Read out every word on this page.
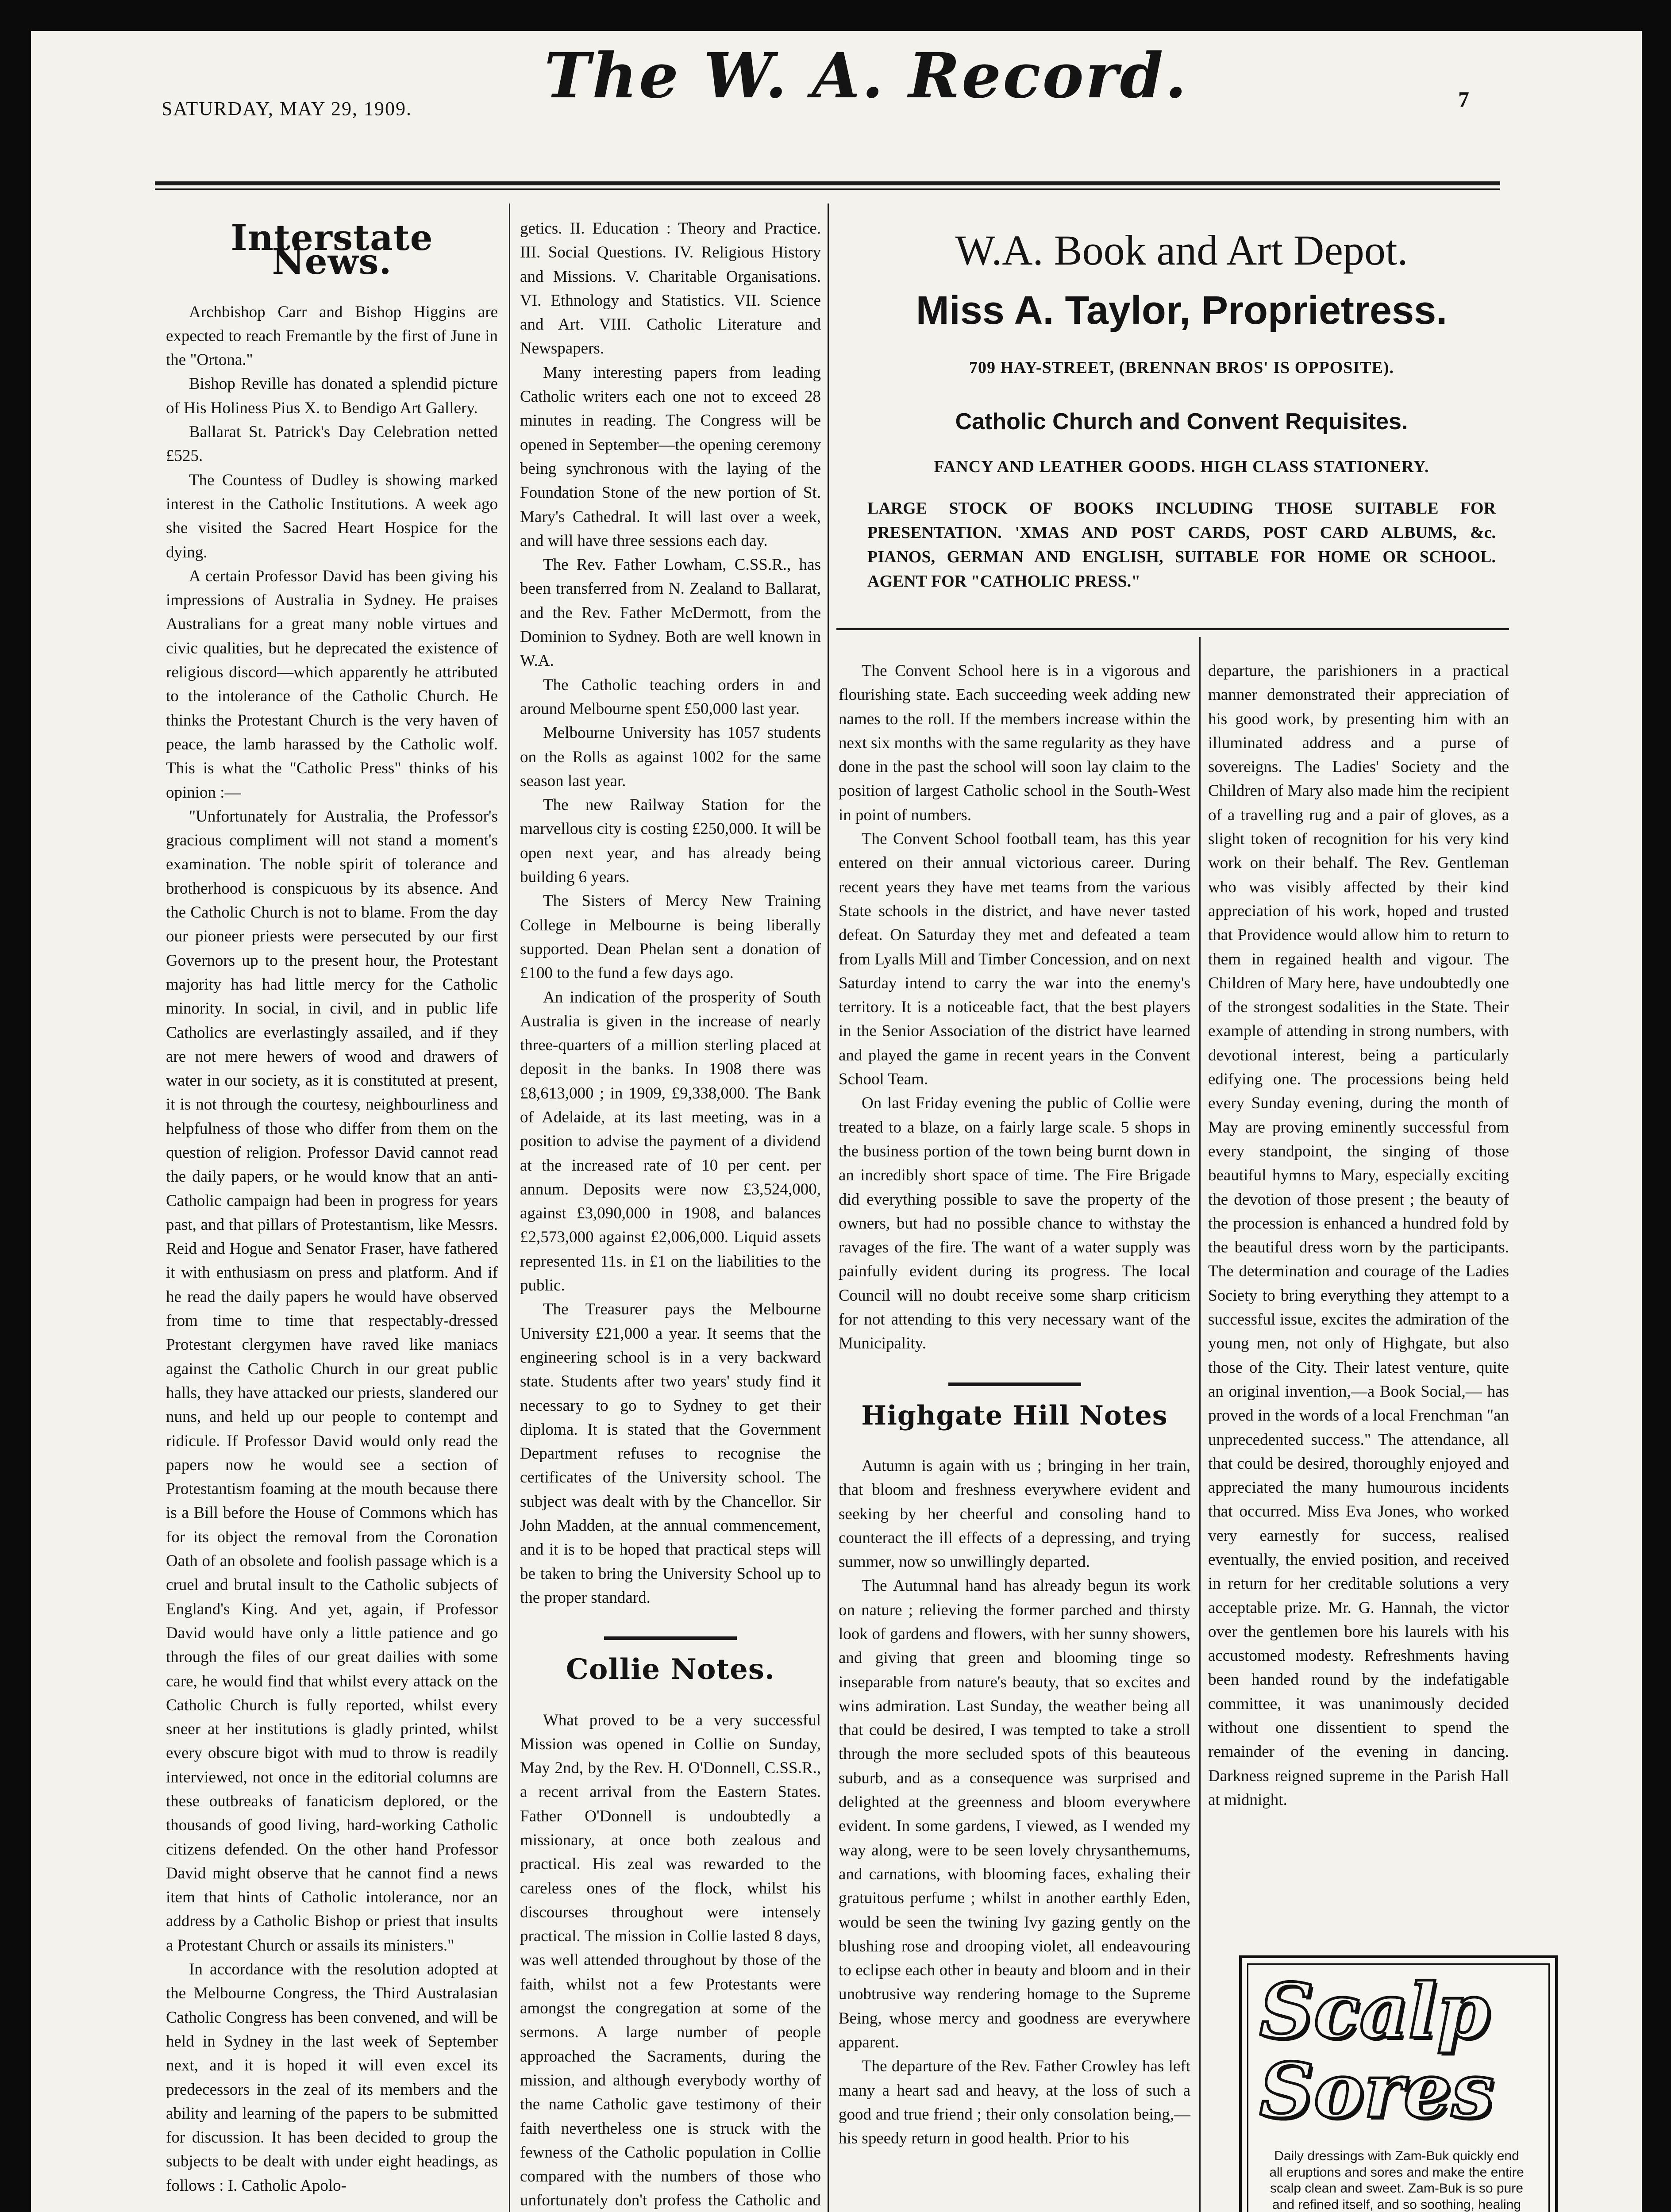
SATURDAY, MAY 29, 1909. The W. A. Record.	7
Interstate News.

Archbishop Carr and Bishop Higgins are expected to reach Fremantle by the first of June in the "Ortona."

Bishop Reville has donated a splendid picture of His Holiness Pius X. to Bendigo Art Gallery.

Ballarat St. Patrick's Day Celebration netted £525.

The Countess of Dudley is showing marked interest in the Catholic Institutions. A week ago she visited the Sacred Heart Hospice for the dying.

A certain Professor David has been giving his impressions of Australia in Sydney. He praises Australians for a great many noble virtues and civic qualities, but he deprecated the existence of religious discord—which apparently he attributed to the intolerance of the Catholic Church. He thinks the Protestant Church is the very haven of peace, the lamb harassed by the Catholic wolf. This is what the "Catholic Press" thinks of his opinion :—

"Unfortunately for Australia, the Professor's gracious compliment will not stand a moment's examination. The noble spirit of tolerance and brotherhood is conspicuous by its absence. And the Catholic Church is not to blame. From the day our pioneer priests were persecuted by our first Governors up to the present hour, the Protestant majority has had little mercy for the Catholic minority. In social, in civil, and in public life Catholics are everlastingly assailed, and if they are not mere hewers of wood and drawers of water in our society, as it is constituted at present, it is not through the courtesy, neighbourliness and helpfulness of those who differ from them on the question of religion. Professor David cannot read the daily papers, or he would know that an anti-Catholic campaign had been in progress for years past, and that pillars of Protestantism, like Messrs. Reid and Hogue and Senator Fraser, have fathered it with enthusiasm on press and platform. And if he read the daily papers he would have observed from time to time that respectably-dressed Protestant clergymen have raved like maniacs against the Catholic Church in our great public halls, they have attacked our priests, slandered our nuns, and held up our people to contempt and ridicule. If Professor David would only read the papers now he would see a section of Protestantism foaming at the mouth because there is a Bill before the House of Commons which has for its object the removal from the Coronation Oath of an obsolete and foolish passage which is a cruel and brutal insult to the Catholic subjects of England's King. And yet, again, if Professor David would have only a little patience and go through the files of our great dailies with some care, he would find that whilst every attack on the Catholic Church is fully reported, whilst every sneer at her institutions is gladly printed, whilst every obscure bigot with mud to throw is readily interviewed, not once in the editorial columns are these outbreaks of fanaticism deplored, or the thousands of good living, hard-working Catholic citizens defended. On the other hand Professor David might observe that he cannot find a news item that hints of Catholic intolerance, nor an address by a Catholic Bishop or priest that insults a Protestant Church or assails its ministers."

In accordance with the resolution adopted at the Melbourne Congress, the Third Australasian Catholic Congress has been convened, and will be held in Sydney in the last week of September next, and it is hoped it will even excel its predecessors in the zeal of its members and the ability and learning of the papers to be submitted for discussion. It has been decided to group the subjects to be dealt with under eight headings, as follows : I. Catholic Apolo-

getics. II. Education : Theory and Practice. III. Social Questions. IV. Religious History and Missions. V. Charitable Organisations. VI. Ethnology and Statistics. VII. Science and Art. VIII. Catholic Literature and Newspapers.

Many interesting papers from leading Catholic writers each one not to exceed 28 minutes in reading. The Congress will be opened in September—the opening ceremony being synchronous with the laying of the Foundation Stone of the new portion of St. Mary's Cathedral. It will last over a week, and will have three sessions each day.

The Rev. Father Lowham, C.SS.R., has been transferred from N. Zealand to Ballarat, and the Rev. Father McDermott, from the Dominion to Sydney. Both are well known in W.A.

The Catholic teaching orders in and around Melbourne spent £50,000 last year.

Melbourne University has 1057 students on the Rolls as against 1002 for the same season last year.

The new Railway Station for the marvellous city is costing £250,000. It will be open next year, and has already being building 6 years.

The Sisters of Mercy New Training College in Melbourne is being liberally supported. Dean Phelan sent a donation of £100 to the fund a few days ago.

An indication of the prosperity of South Australia is given in the increase of nearly three-quarters of a million sterling placed at deposit in the banks. In 1908 there was £8,613,000 ; in 1909, £9,338,000. The Bank of Adelaide, at its last meeting, was in a position to advise the payment of a dividend at the increased rate of 10 per cent. per annum. Deposits were now £3,524,000, against £3,090,000 in 1908, and balances £2,573,000 against £2,006,000. Liquid assets represented 11s. in £1 on the liabilities to the public.

The Treasurer pays the Melbourne University £21,000 a year. It seems that the engineering school is in a very backward state. Students after two years' study find it necessary to go to Sydney to get their diploma. It is stated that the Government Department refuses to recognise the certificates of the University school. The subject was dealt with by the Chancellor. Sir John Madden, at the annual commencement, and it is to be hoped that practical steps will be taken to bring the University School up to the proper standard.

Collie Notes.

What proved to be a very successful Mission was opened in Collie on Sunday, May 2nd, by the Rev. H. O'Donnell, C.SS.R., a recent arrival from the Eastern States. Father O'Donnell is undoubtedly a missionary, at once both zealous and practical. His zeal was rewarded to the careless ones of the flock, whilst his discourses throughout were intensely practical. The mission in Collie lasted 8 days, was well attended throughout by those of the faith, whilst not a few Protestants were amongst the congregation at some of the sermons. A large number of people approached the Sacraments, during the mission, and although everybody worthy of the name Catholic gave testimony of their faith nevertheless one is struck with the fewness of the Catholic population in Collie compared with the numbers of those who unfortunately don't profess the Catholic and

W.A. Book and Art Depot.
Miss A. Taylor, Proprietress.
709 HAY-STREET, (BRENNAN BROS' IS OPPOSITE).
Catholic Church and Convent Requisites.
FANCY AND LEATHER GOODS. HIGH CLASS STATIONERY.
LARGE STOCK OF BOOKS INCLUDING THOSE SUITABLE FOR PRESENTATION. 'XMAS AND POST CARDS, POST CARD ALBUMS, &c. PIANOS, GERMAN AND ENGLISH, SUITABLE FOR HOME OR SCHOOL. AGENT FOR "CATHOLIC PRESS."

The Convent School here is in a vigorous and flourishing state. Each succeeding week adding new names to the roll. If the members increase within the next six months with the same regularity as they have done in the past the school will soon lay claim to the position of largest Catholic school in the South-West in point of numbers.

The Convent School football team, has this year entered on their annual victorious career. During recent years they have met teams from the various State schools in the district, and have never tasted defeat. On Saturday they met and defeated a team from Lyalls Mill and Timber Concession, and on next Saturday intend to carry the war into the enemy's territory. It is a noticeable fact, that the best players in the Senior Association of the district have learned and played the game in recent years in the Convent School Team.

On last Friday evening the public of Collie were treated to a blaze, on a fairly large scale. 5 shops in the business portion of the town being burnt down in an incredibly short space of time. The Fire Brigade did everything possible to save the property of the owners, but had no possible chance to withstay the ravages of the fire. The want of a water supply was painfully evident during its progress. The local Council will no doubt receive some sharp criticism for not attending to this very necessary want of the Municipality.

Highgate Hill Notes

Autumn is again with us ; bringing in her train, that bloom and freshness everywhere evident and seeking by her cheerful and consoling hand to counteract the ill effects of a depressing, and trying summer, now so unwillingly departed.

The Autumnal hand has already begun its work on nature ; relieving the former parched and thirsty look of gardens and flowers, with her sunny showers, and giving that green and blooming tinge so inseparable from nature's beauty, that so excites and wins admiration. Last Sunday, the weather being all that could be desired, I was tempted to take a stroll through the more secluded spots of this beauteous suburb, and as a consequence was surprised and delighted at the greenness and bloom everywhere evident. In some gardens, I viewed, as I wended my way along, were to be seen lovely chrysanthemums, and carnations, with blooming faces, exhaling their gratuitous perfume ; whilst in another earthly Eden, would be seen the twining Ivy gazing gently on the blushing rose and drooping violet, all endeavouring to eclipse each other in beauty and bloom and in their unobtrusive way rendering homage to the Supreme Being, whose mercy and goodness are everywhere apparent.

The departure of the Rev. Father Crowley has left many a heart sad and heavy, at the loss of such a good and true friend ; their only consolation being,—his speedy return in good health. Prior to his

departure, the parishioners in a practical manner demonstrated their appreciation of his good work, by presenting him with an illuminated address and a purse of sovereigns. The Ladies' Society and the Children of Mary also made him the recipient of a travelling rug and a pair of gloves, as a slight token of recognition for his very kind work on their behalf. The Rev. Gentleman who was visibly affected by their kind appreciation of his work, hoped and trusted that Providence would allow him to return to them in regained health and vigour. The Children of Mary here, have undoubtedly one of the strongest sodalities in the State. Their example of attending in strong numbers, with devotional interest, being a particularly edifying one. The processions being held every Sunday evening, during the month of May are proving eminently successful from every standpoint, the singing of those beautiful hymns to Mary, especially exciting the devotion of those present ; the beauty of the procession is enhanced a hundred fold by the beautiful dress worn by the participants. The determination and courage of the Ladies Society to bring everything they attempt to a successful issue, excites the admiration of the young men, not only of Highgate, but also those of the City. Their latest venture, quite an original invention,—a Book Social,— has proved in the words of a local Frenchman "an unprecedented success." The attendance, all that could be desired, thoroughly enjoyed and appreciated the many humourous incidents that occurred. Miss Eva Jones, who worked very earnestly for success, realised eventually, the envied position, and received in return for her creditable solutions a very acceptable prize. Mr. G. Hannah, the victor over the gentlemen bore his laurels with his accustomed modesty. Refreshments having been handed round by the indefatigable committee, it was unanimously decided without one dissentient to spend the remainder of the evening in dancing. Darkness reigned supreme in the Parish Hall at midnight.

Scalp
Sores
Daily dressings with Zam-Buk quickly end all eruptions and sores and make the entire scalp clean and sweet. Zam-Buk is so pure and refined itself, and so soothing, healing
